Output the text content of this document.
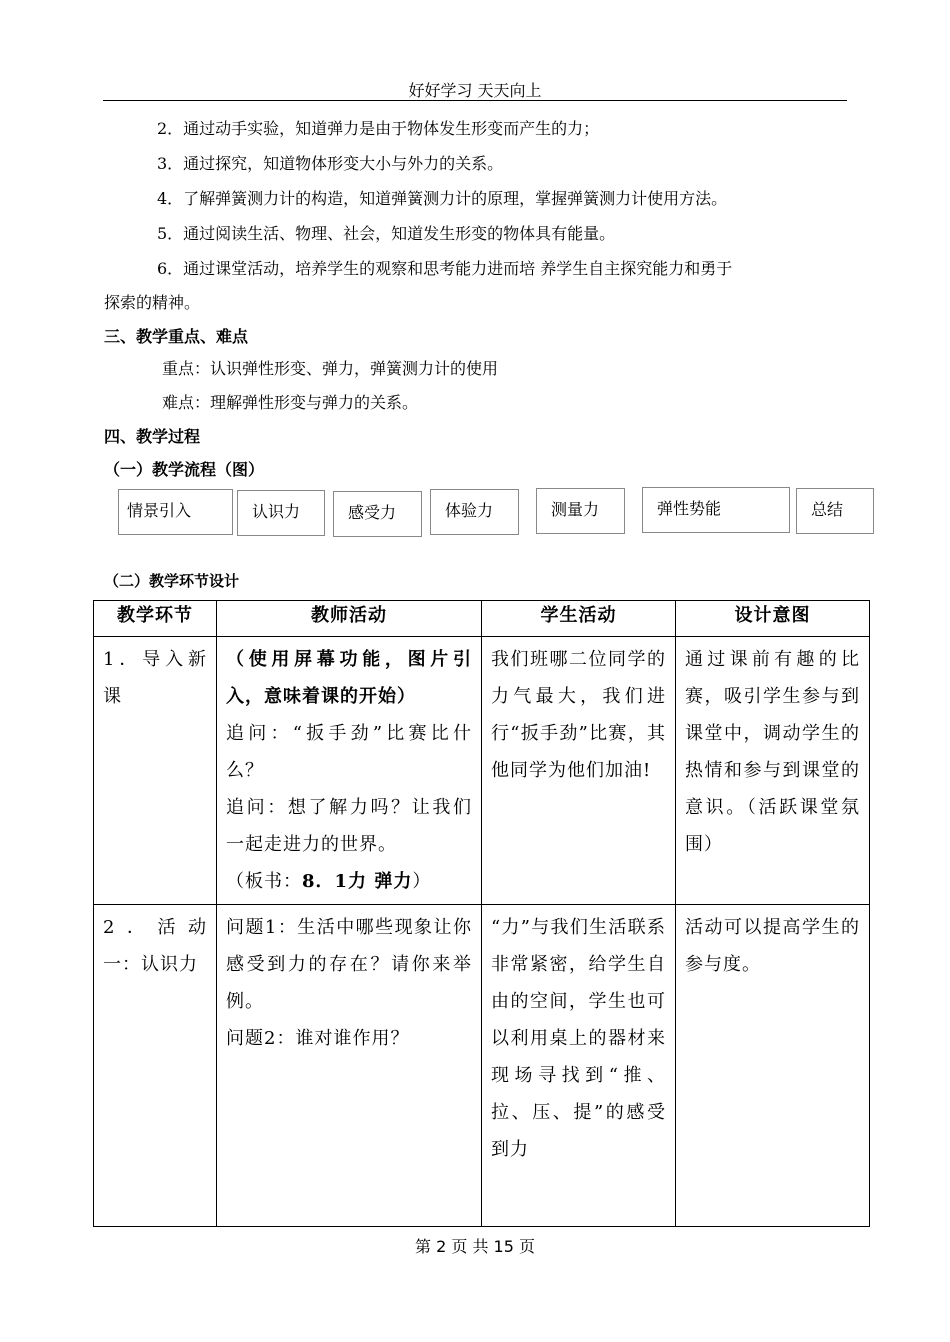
好好学习 天天向上
2．通过动手实验，知道弹力是由于物体发生形变而产生的力；
3．通过探究，知道物体形变大小与外力的关系。
4．了解弹簧测力计的构造，知道弹簧测力计的原理，掌握弹簧测力计使用方法。
5．通过阅读生活、物理、社会，知道发生形变的物体具有能量。
6．通过课堂活动，培养学生的观察和思考能力进而培 养学生自主探究能力和勇于
探索的精神。
三、教学重点、难点
重点：认识弹性形变、弹力，弹簧测力计的使用
难点：理解弹性形变与弹力的关系。
四、教学过程
（一）教学流程（图）
情景引入	认识力	感受力	体验力	测量力	弹性势能	总结
（二）教学环节设计
教学环节	教师活动	学生活动	设计意图
1．导入新课	（使用屏幕功能，图片引入，意味着课的开始）
追问：“扳手劲”比赛比什么？
追问：想了解力吗？让我们一起走进力的世界。
（板书：8．1力 弹力）	我们班哪二位同学的力气最大，我们进行“扳手劲”比赛，其他同学为他们加油!	通过课前有趣的比赛，吸引学生参与到课堂中，调动学生的热情和参与到课堂的意识。（活跃课堂氛围）
2．活动一：认识力	问题1：生活中哪些现象让你感受到力的存在？请你来举例。
问题2：谁对谁作用？	“力”与我们生活联系非常紧密，给学生自由的空间，学生也可以利用桌上的器材来现场寻找到“推、拉、压、提”的感受到力	活动可以提高学生的参与度。
第 2 页 共 15 页
